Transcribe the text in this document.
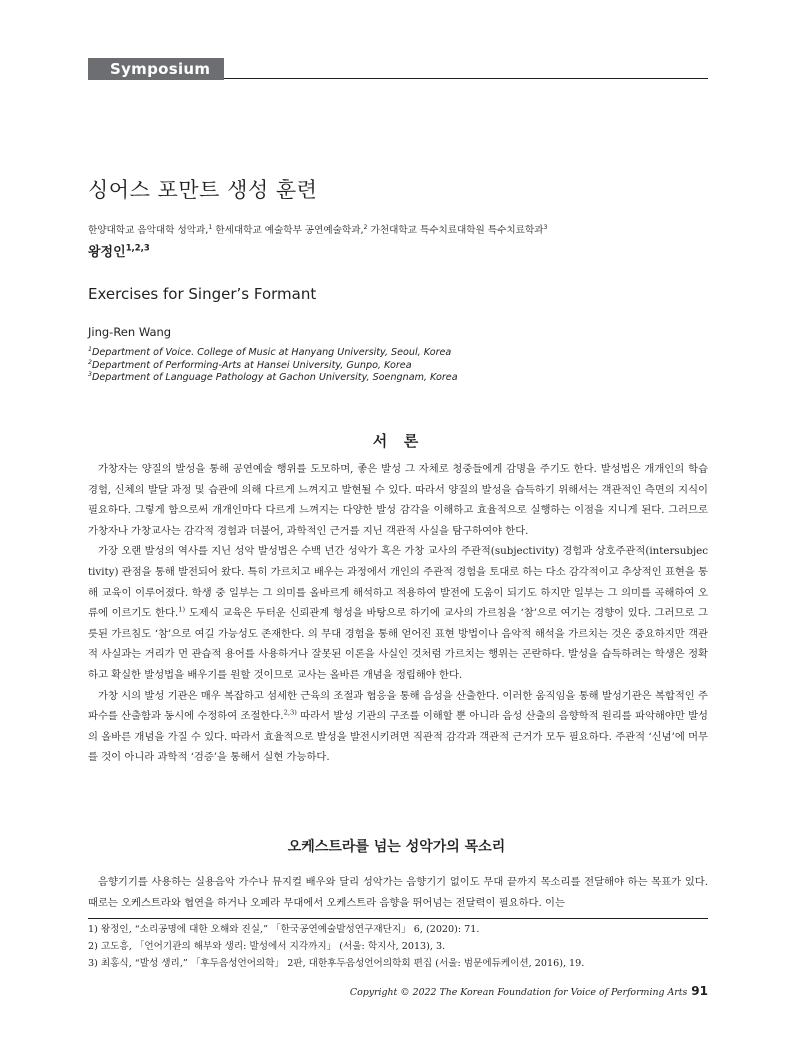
Symposium
싱어스 포만트 생성 훈련
한양대학교 음악대학 성악과,$^1$ 한세대학교 예술학부 공연예술학과,$^2$ 가천대학교 특수치료대학원 특수치료학과$^3$
왕정인$^{1,2,3}$
Exercises for Singer’s Formant
Jing-Ren Wang
$^1$Department of Voice. College of Music at Hanyang University, Seoul, Korea
$^2$Department of Performing-Arts at Hansei University, Gunpo, Korea
$^3$Department of Language Pathology at Gachon University, Soengnam, Korea
서  론

가창자는 양질의 발성을 통해 공연예술 행위를 도모하며, 좋은 발성 그 자체로 청중들에게 감명을 주기도 한다. 발성법은 개개인의 학습 경험, 신체의 발달 과정 및 습관에 의해 다르게 느껴지고 발현될 수 있다. 따라서 양질의 발성을 습득하기 위해서는 객관적인 측면의 지식이 필요하다. 그렇게 함으로써 개개인마다 다르게 느껴지는 다양한 발성 감각을 이해하고 효율적으로 실행하는 이점을 지니게 된다. 그러므로 가창자나 가창교사는 감각적 경험과 더불어, 과학적인 근거를 지닌 객관적 사실을 탐구하여야 한다.

가장 오랜 발성의 역사를 지닌 성악 발성법은 수백 년간 성악가 혹은 가창 교사의 주관적(subjectivity) 경험과 상호주관적(intersubjectivity) 관점을 통해 발전되어 왔다. 특히 가르치고 배우는 과정에서 개인의 주관적 경험을 토대로 하는 다소 감각적이고 추상적인 표현을 통해 교육이 이루어졌다. 학생 중 일부는 그 의미를 올바르게 해석하고 적용하여 발전에 도움이 되기도 하지만 일부는 그 의미를 곡해하여 오류에 이르기도 한다.$^{1)}$ 도제식 교육은 두터운 신뢰관계 형성을 바탕으로 하기에 교사의 가르침을 ‘참’으로 여기는 경향이 있다. 그러므로 그릇된 가르침도 ‘참’으로 여길 가능성도 존재한다. 의 무대 경험을 통해 얻어진 표현 방법이나 음악적 해석을 가르치는 것은 중요하지만 객관적 사실과는 거리가 먼 관습적 용어를 사용하거나 잘못된 이론을 사실인 것처럼 가르치는 행위는 곤란하다. 발성을 습득하려는 학생은 정확하고 확실한 발성법을 배우기를 원할 것이므로 교사는 올바른 개념을 정립해야 한다.

가창 시의 발성 기관은 매우 복잡하고 섬세한 근육의 조절과 협응을 통해 음성을 산출한다. 이러한 움직임을 통해 발성기관은 복합적인 주파수를 산출함과 동시에 수정하여 조절한다.$^{2,3)}$ 따라서 발성 기관의 구조를 이해할 뿐 아니라 음성 산출의 음향학적 원리를 파악해야만 발성의 올바른 개념을 가질 수 있다. 따라서 효율적으로 발성을 발전시키려면 직관적 감각과 객관적 근거가 모두 필요하다. 주관적 ‘신념’에 머무를 것이 아니라 과학적 ‘검증’을 통해서 실현 가능하다.

오케스트라를 넘는 성악가의 목소리

음향기기를 사용하는 실용음악 가수나 뮤지컬 배우와 달리 성악가는 음향기기 없이도 무대 끝까지 목소리를 전달해야 하는 목표가 있다. 때로는 오케스트라와 협연을 하거나 오페라 무대에서 오케스트라 음향을 뛰어넘는 전달력이 필요하다. 이는

1) 왕정인, “소리공명에 대한 오해와 진실,” 「한국공연예술발성연구재단지」 6, (2020): 71.
2) 고도흥, 「언어기관의 해부와 생리: 발성에서 지각까지」 (서울: 학지사, 2013), 3.
3) 최홍식, “발성 생리,” 「후두음성언어의학」 2판, 대한후두음성언어의학회 편집 (서울: 범문에듀케이션, 2016), 19.
Copyright © 2022 The Korean Foundation for Voice of Performing Arts 91
